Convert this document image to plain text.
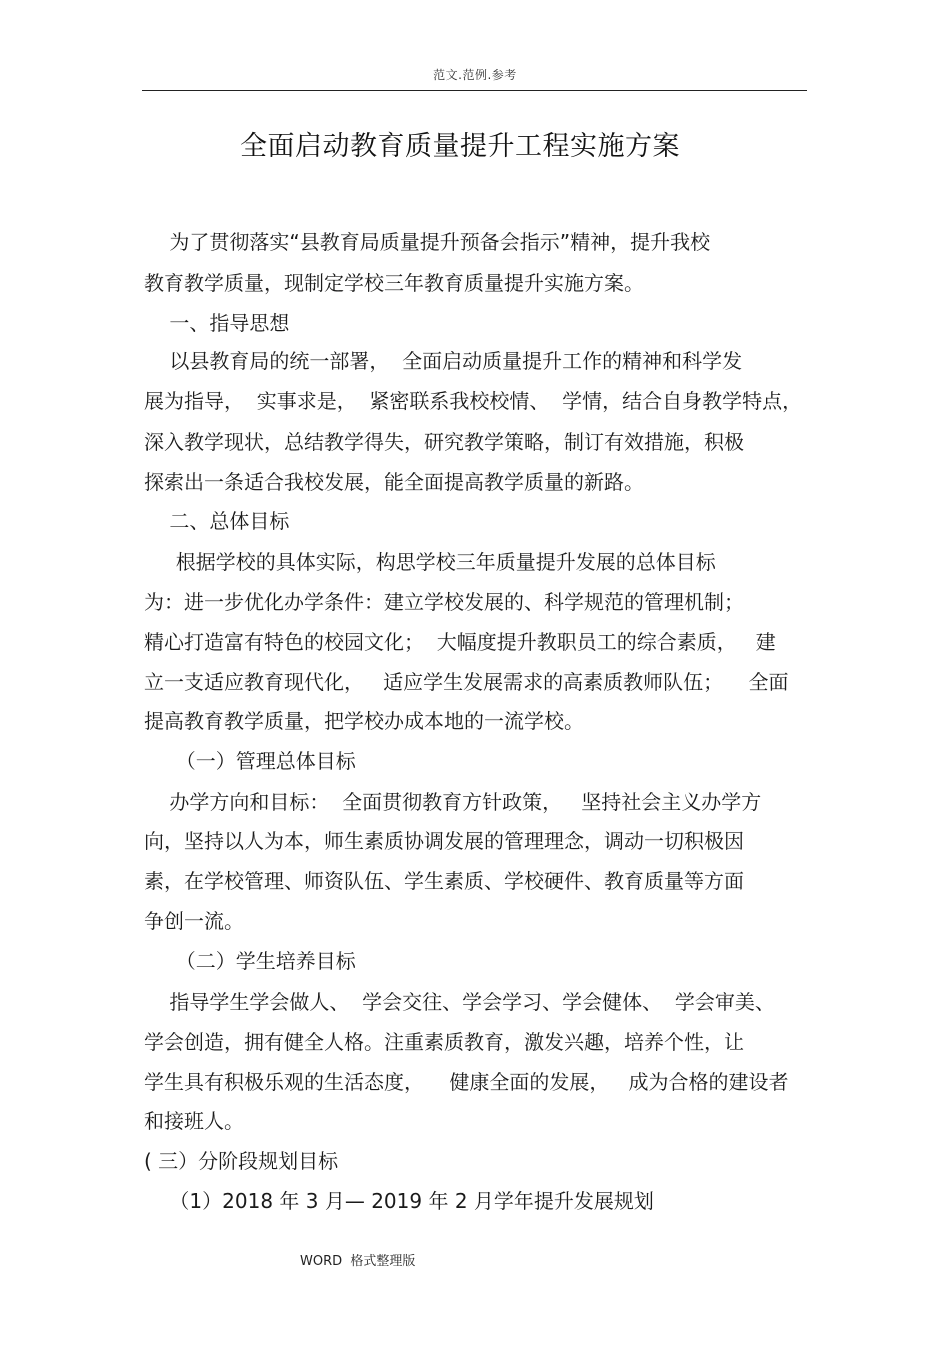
范文.范例.参考
全面启动教育质量提升工程实施方案
为了贯彻落实“县教育局质量提升预备会指示”精神，提升我校
教育教学质量，现制定学校三年教育质量提升实施方案。
一、指导思想
以县教育局的统一部署，  全面启动质量提升工作的精神和科学发
展为指导，  实事求是，  紧密联系我校校情、  学情，结合自身教学特点，
深入教学现状，总结教学得失，研究教学策略，制订有效措施，积极
探索出一条适合我校发展，能全面提高教学质量的新路。
二、总体目标
根据学校的具体实际，构思学校三年质量提升发展的总体目标
为：进一步优化办学条件：建立学校发展的、科学规范的管理机制；
精心打造富有特色的校园文化；  大幅度提升教职员工的综合素质，   建
立一支适应教育现代化，   适应学生发展需求的高素质教师队伍；    全面
提高教育教学质量，把学校办成本地的一流学校。
（一）管理总体目标
办学方向和目标：  全面贯彻教育方针政策，   坚持社会主义办学方
向，坚持以人为本，师生素质协调发展的管理理念，调动一切积极因
素，在学校管理、师资队伍、学生素质、学校硬件、教育质量等方面
争创一流。
（二）学生培养目标
指导学生学会做人、  学会交往、学会学习、学会健体、  学会审美、
学会创造，拥有健全人格。注重素质教育，激发兴趣，培养个性，让
学生具有积极乐观的生活态度，    健康全面的发展，   成为合格的建设者
和接班人。
( 三）分阶段规划目标
（1）2018 年 3 月— 2019 年 2 月学年提升发展规划
WORD  格式整理版
